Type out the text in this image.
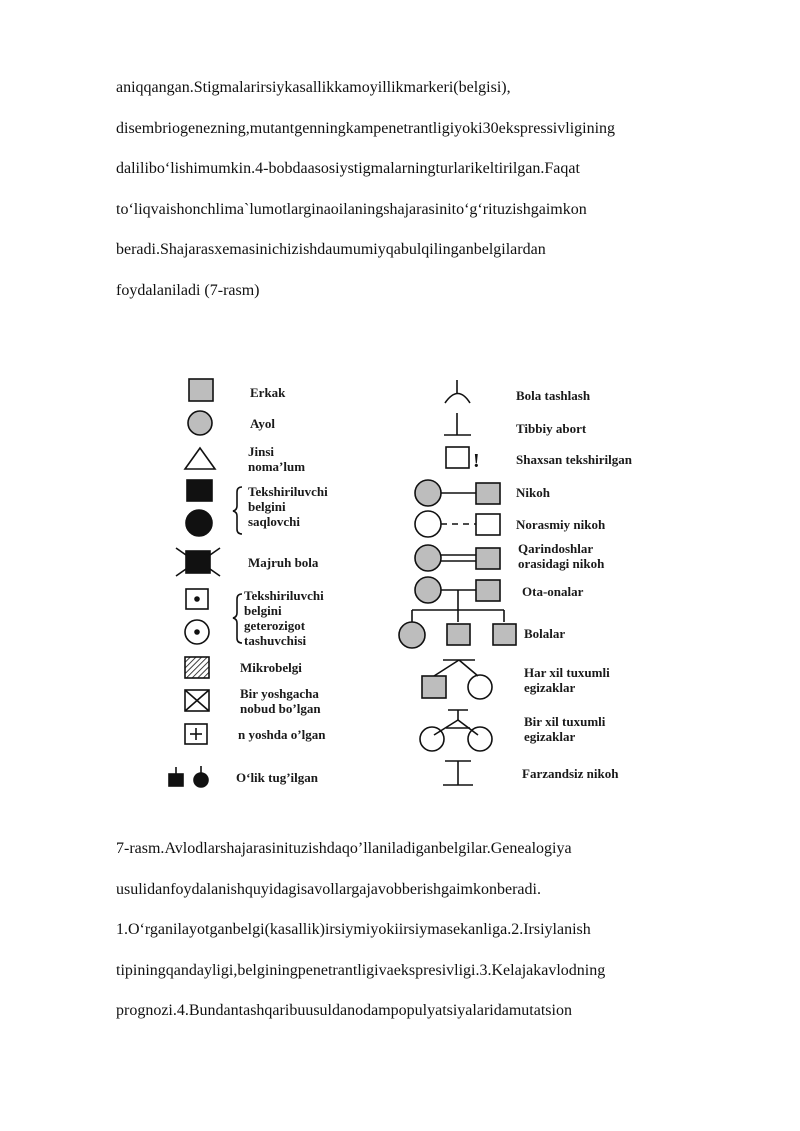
aniqqangan.Stigmalarirsiykasallikkamoyillikmarkeri(belgisi),
disembriogenezning,mutantgenningkampenetrantligiyoki30ekspressivligining
daliliboʻlishimumkin.4-bobdaasosiystigmalarningturlarikeltirilgan.Faqat
toʻliqvaishonchlima`lumotlarginaoilaningshajarasinitoʻgʻrituzishgaimkon
beradi.Shajarasxemasinichizishdaumumiyqabulqilinganbelgilardan
foydalaniladi (7-rasm)
!
Erkak
Ayol
Jinsi
noma’lum
Tekshiriluvchi
belgini
saqlovchi
Majruh bola
Tekshiriluvchi
belgini
geterozigot
tashuvchisi
Mikrobelgi
Bir yoshgacha
nobud bo’lgan
n yoshda o’lgan
Oʻlik tug’ilgan
Bola tashlash
Tibbiy abort
Shaxsan tekshirilgan
Nikoh
Norasmiy nikoh
Qarindoshlar
orasidagi nikoh
Ota-onalar
Bolalar
Har xil tuxumli
egizaklar
Bir xil tuxumli
egizaklar
Farzandsiz nikoh
7-rasm.Avlodlarshajarasinituzishdaqo’llaniladiganbelgilar.Genealogiya
usulidanfoydalanishquyidagisavollargajavobberishgaimkonberadi.
1.Oʻrganilayotganbelgi(kasallik)irsiymiyokiirsiymasekanliga.2.Irsiylanish
tipiningqandayligi,belginingpenetrantligivaekspresivligi.3.Kelajakavlodning
prognozi.4.Bundantashqaribuusuldanodampopulyatsiyalaridamutatsion
